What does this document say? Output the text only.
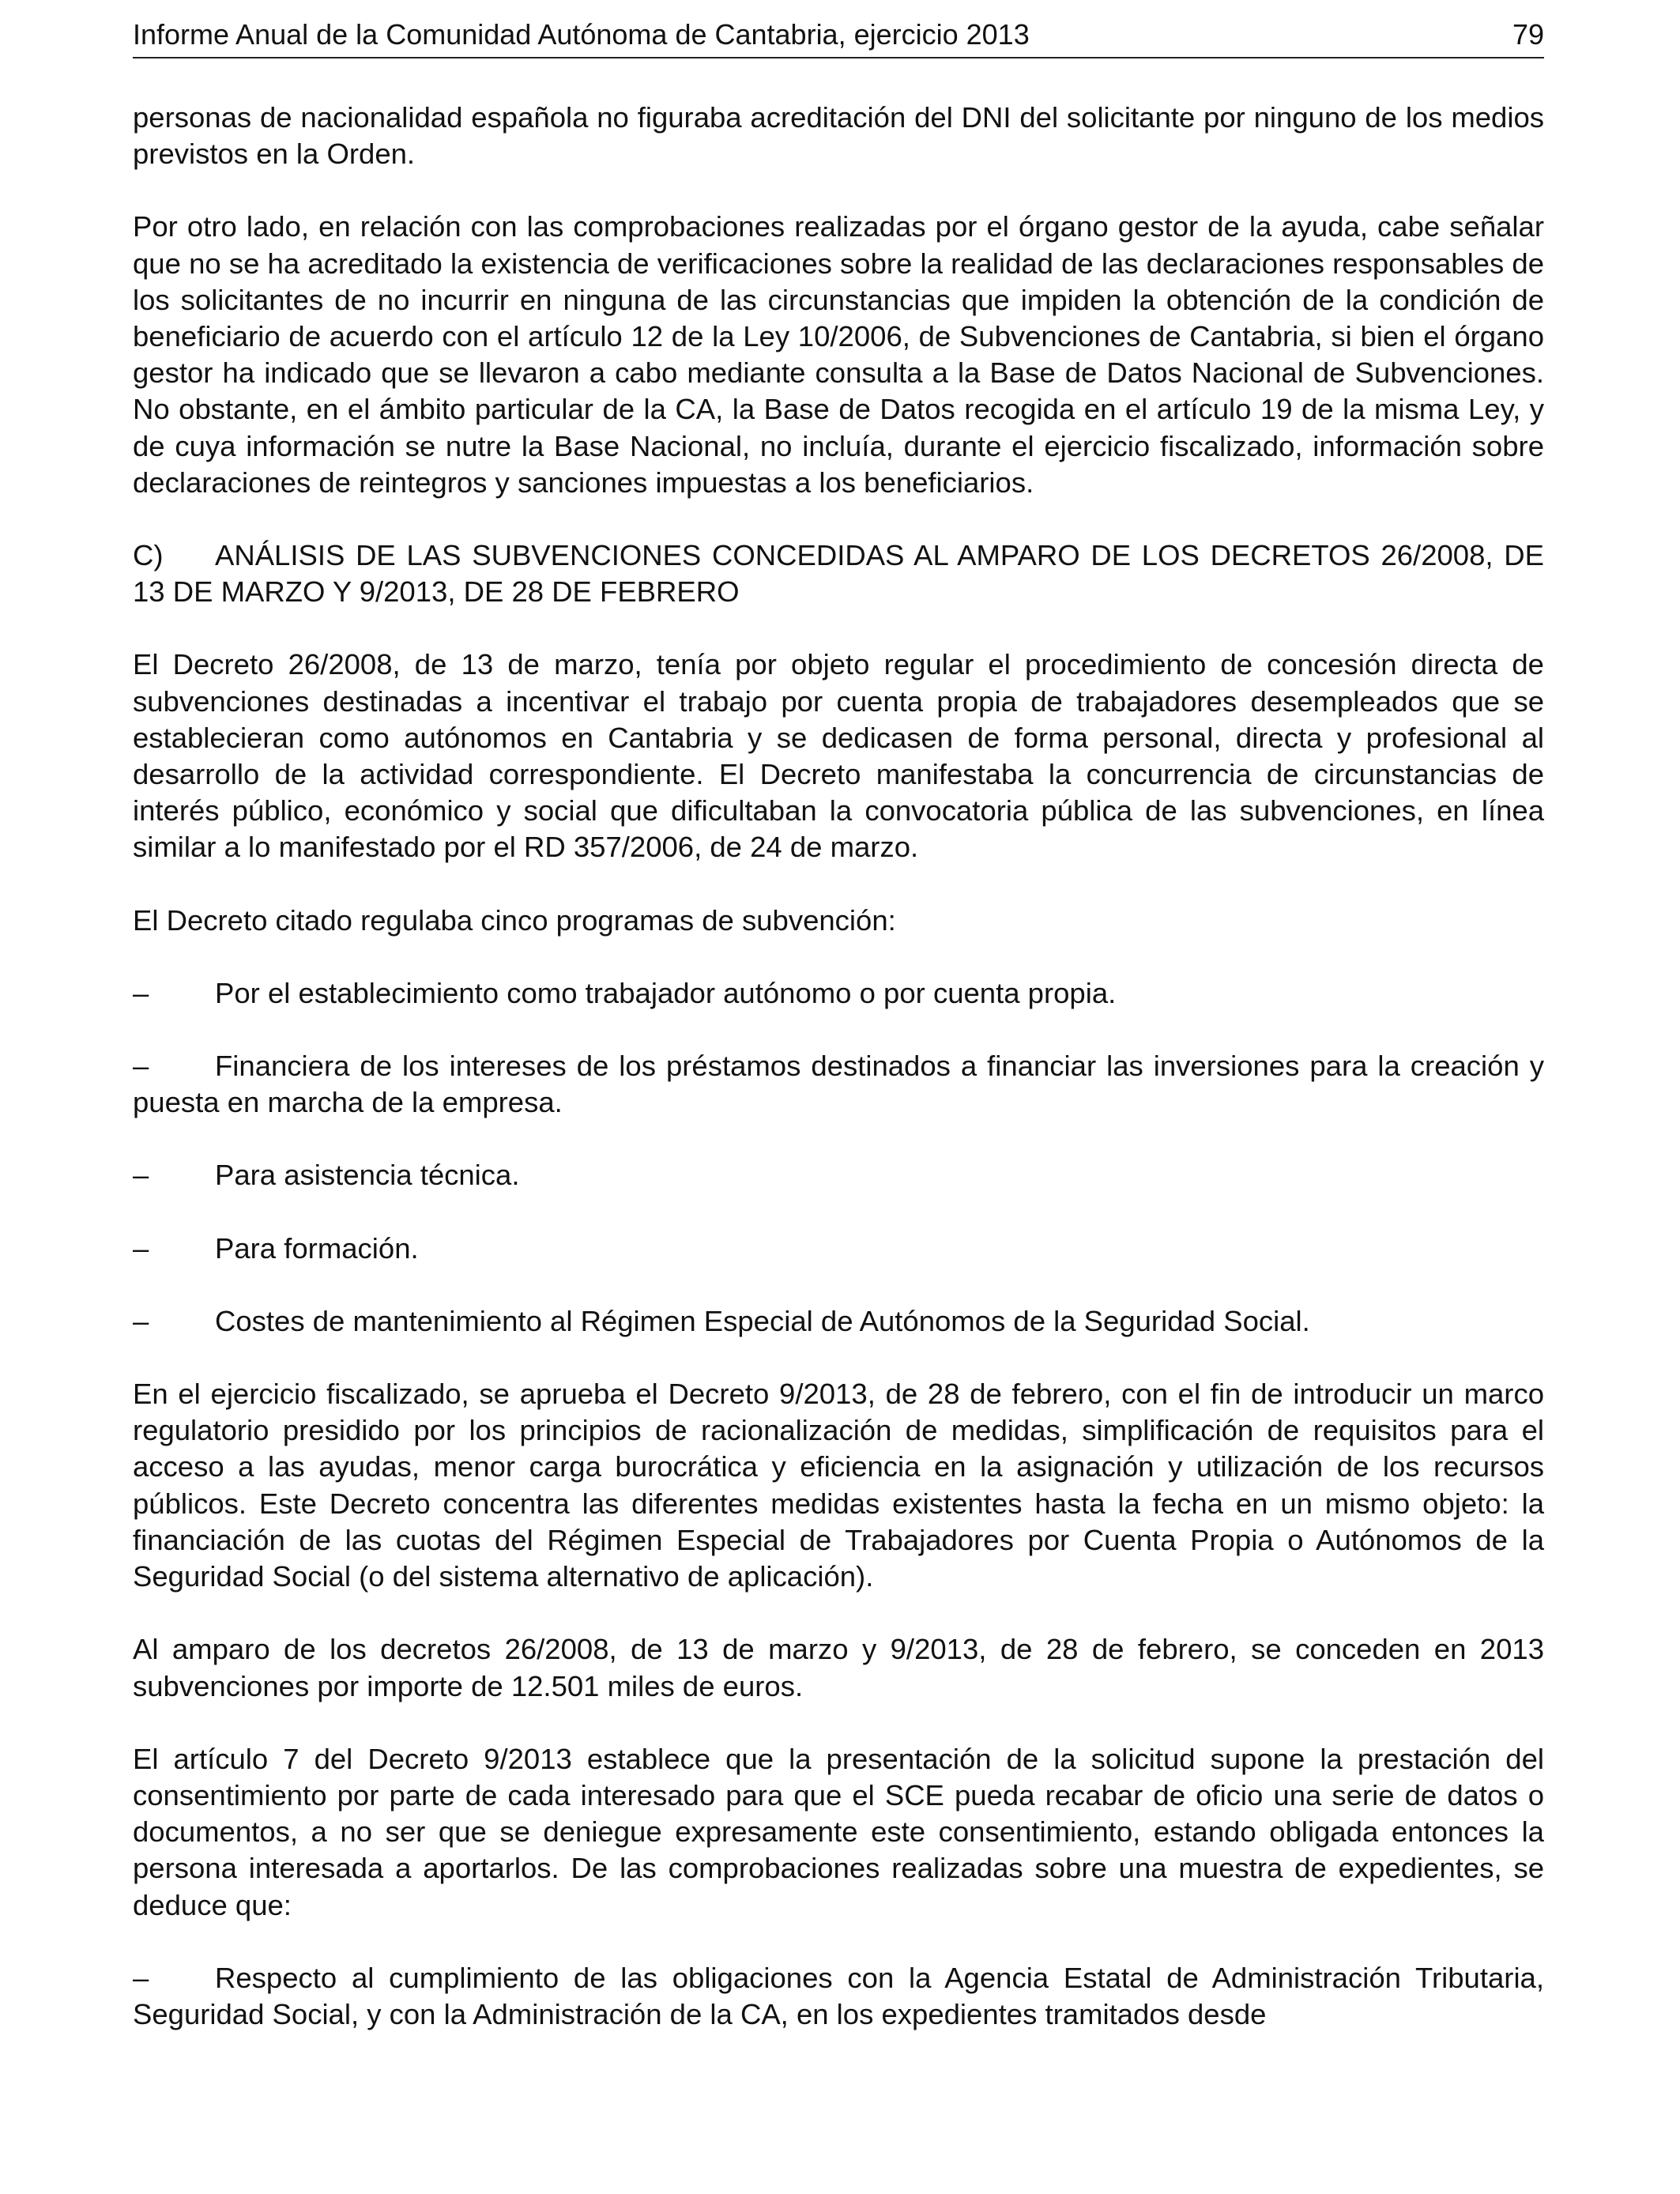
Informe Anual de la Comunidad Autónoma de Cantabria, ejercicio 2013	79

personas de nacionalidad española no figuraba acreditación del DNI del solicitante por ninguno de los medios previstos en la Orden.

Por otro lado, en relación con las comprobaciones realizadas por el órgano gestor de la ayuda, cabe señalar que no se ha acreditado la existencia de verificaciones sobre la realidad de las declaraciones responsables de los solicitantes de no incurrir en ninguna de las circunstancias que impiden la obtención de la condición de beneficiario de acuerdo con el artículo 12 de la Ley 10/2006, de Subvenciones de Cantabria, si bien el órgano gestor ha indicado que se llevaron a cabo mediante consulta a la Base de Datos Nacional de Subvenciones. No obstante, en el ámbito particular de la CA, la Base de Datos recogida en el artículo 19 de la misma Ley, y de cuya información se nutre la Base Nacional, no incluía, durante el ejercicio fiscalizado, información sobre declaraciones de reintegros y sanciones impuestas a los beneficiarios.

C) ANÁLISIS DE LAS SUBVENCIONES CONCEDIDAS AL AMPARO DE LOS DECRETOS 26/2008, DE 13 DE MARZO Y 9/2013, DE 28 DE FEBRERO

El Decreto 26/2008, de 13 de marzo, tenía por objeto regular el procedimiento de concesión directa de subvenciones destinadas a incentivar el trabajo por cuenta propia de trabajadores desempleados que se establecieran como autónomos en Cantabria y se dedicasen de forma personal, directa y profesional al desarrollo de la actividad correspondiente. El Decreto manifestaba la concurrencia de circunstancias de interés público, económico y social que dificultaban la convocatoria pública de las subvenciones, en línea similar a lo manifestado por el RD 357/2006, de 24 de marzo.

El Decreto citado regulaba cinco programas de subvención:

– Por el establecimiento como trabajador autónomo o por cuenta propia.

– Financiera de los intereses de los préstamos destinados a financiar las inversiones para la creación y puesta en marcha de la empresa.

– Para asistencia técnica.

– Para formación.

– Costes de mantenimiento al Régimen Especial de Autónomos de la Seguridad Social.

En el ejercicio fiscalizado, se aprueba el Decreto 9/2013, de 28 de febrero, con el fin de introducir un marco regulatorio presidido por los principios de racionalización de medidas, simplificación de requisitos para el acceso a las ayudas, menor carga burocrática y eficiencia en la asignación y utilización de los recursos públicos. Este Decreto concentra las diferentes medidas existentes hasta la fecha en un mismo objeto: la financiación de las cuotas del Régimen Especial de Trabajadores por Cuenta Propia o Autónomos de la Seguridad Social (o del sistema alternativo de aplicación).

Al amparo de los decretos 26/2008, de 13 de marzo y 9/2013, de 28 de febrero, se conceden en 2013 subvenciones por importe de 12.501 miles de euros.

El artículo 7 del Decreto 9/2013 establece que la presentación de la solicitud supone la prestación del consentimiento por parte de cada interesado para que el SCE pueda recabar de oficio una serie de datos o documentos, a no ser que se deniegue expresamente este consentimiento, estando obligada entonces la persona interesada a aportarlos. De las comprobaciones realizadas sobre una muestra de expedientes, se deduce que:

– Respecto al cumplimiento de las obligaciones con la Agencia Estatal de Administración Tributaria, Seguridad Social, y con la Administración de la CA, en los expedientes tramitados desde
